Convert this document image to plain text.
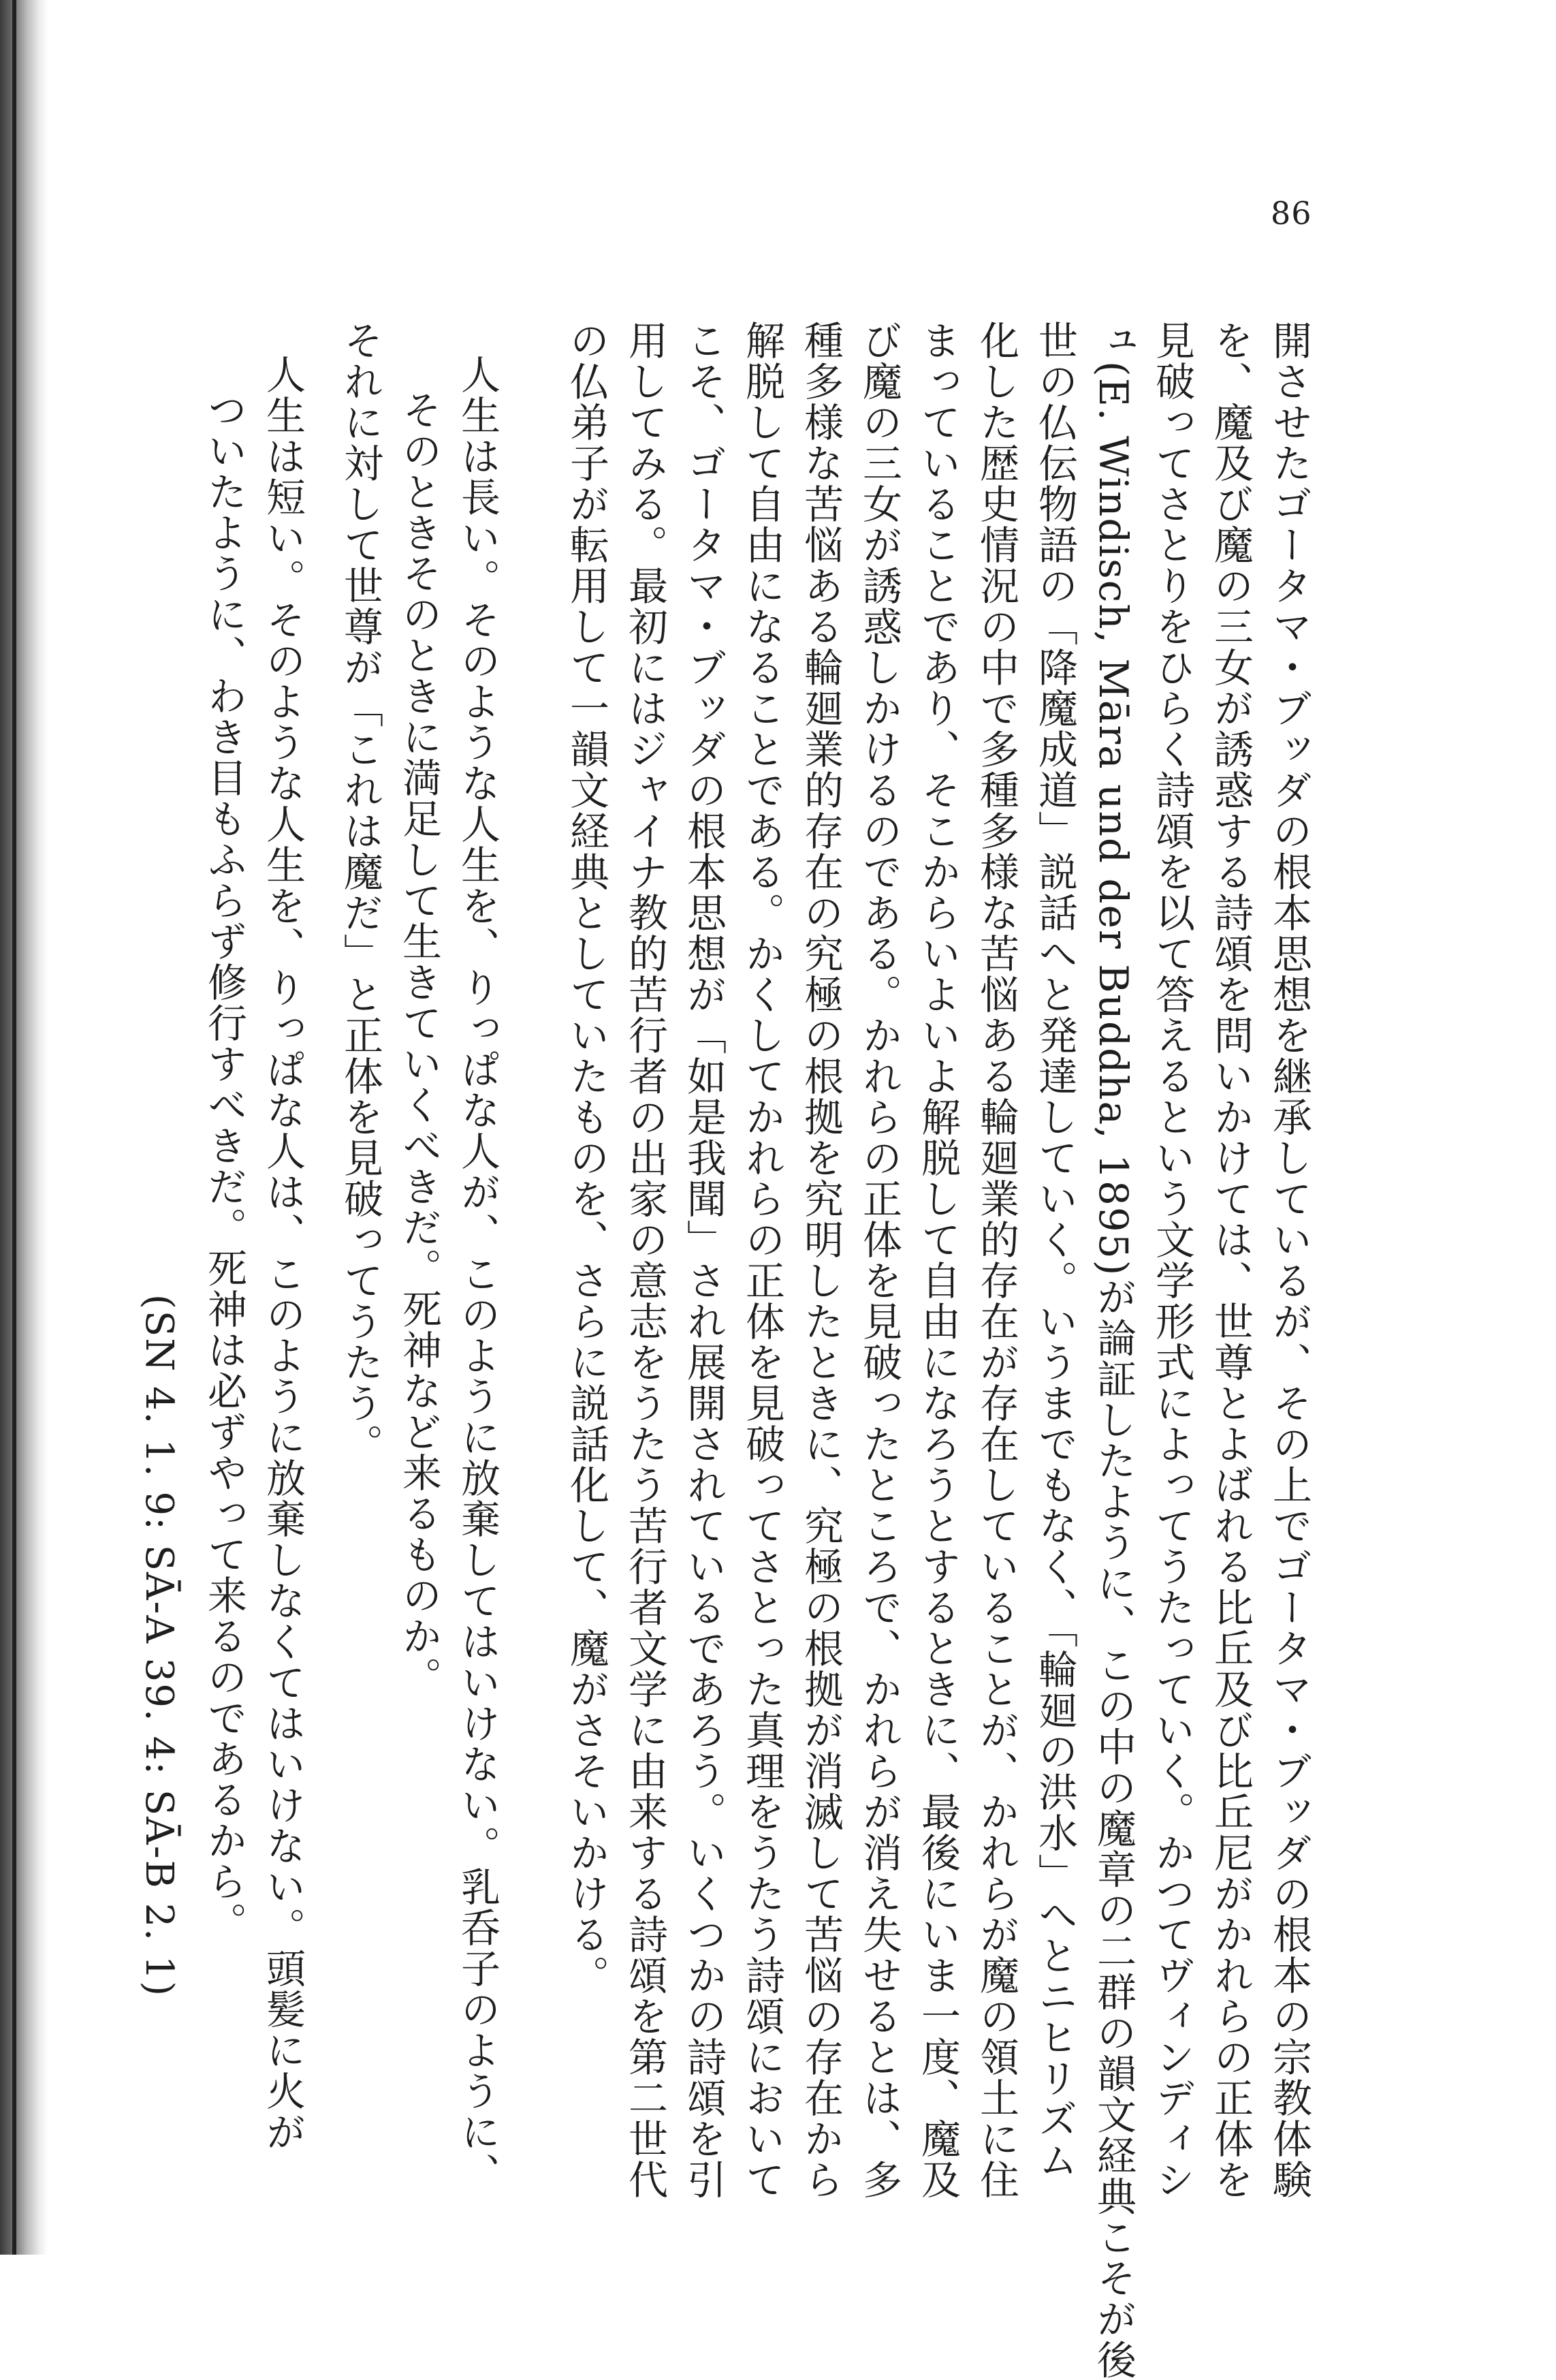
86
開させたゴータマ・ブッダの根本思想を継承しているが、その上でゴータマ・ブッダの根本の宗教体験
を、魔及び魔の三女が誘惑する詩頌を問いかけては、世尊とよばれる比丘及び比丘尼がかれらの正体を
見破ってさとりをひらく詩頌を以て答えるという文学形式によってうたっていく。かつてヴィンディシ
ュ(E. Windisch, Māra und der Buddha, 1895)が論証したように、この中の魔章の二群の韻文経典こそが後
世の仏伝物語の「降魔成道」説話へと発達していく。いうまでもなく、「輪廻の洪水」へとニヒリズム
化した歴史情況の中で多種多様な苦悩ある輪廻業的存在が存在していることが、かれらが魔の領土に住
まっていることであり、そこからいよいよ解脱して自由になろうとするときに、最後にいま一度、魔及
び魔の三女が誘惑しかけるのである。かれらの正体を見破ったところで、かれらが消え失せるとは、多
種多様な苦悩ある輪廻業的存在の究極の根拠を究明したときに、究極の根拠が消滅して苦悩の存在から
解脱して自由になることである。かくしてかれらの正体を見破ってさとった真理をうたう詩頌において
こそ、ゴータマ・ブッダの根本思想が「如是我聞」され展開されているであろう。いくつかの詩頌を引
用してみる。最初にはジャイナ教的苦行者の出家の意志をうたう苦行者文学に由来する詩頌を第二世代
の仏弟子が転用して一韻文経典としていたものを、さらに説話化して、魔がさそいかける。
人生は長い。そのような人生を、りっぱな人が、このように放棄してはいけない。乳呑子のように、
そのときそのときに満足して生きていくべきだ。死神など来るものか。
それに対して世尊が「これは魔だ」と正体を見破ってうたう。
人生は短い。そのような人生を、りっぱな人は、このように放棄しなくてはいけない。頭髪に火が
ついたように、わき目もふらず修行すべきだ。死神は必ずやって来るのであるから。
(SN 4. 1. 9: SĀ-A 39. 4: SĀ-B 2. 1)
